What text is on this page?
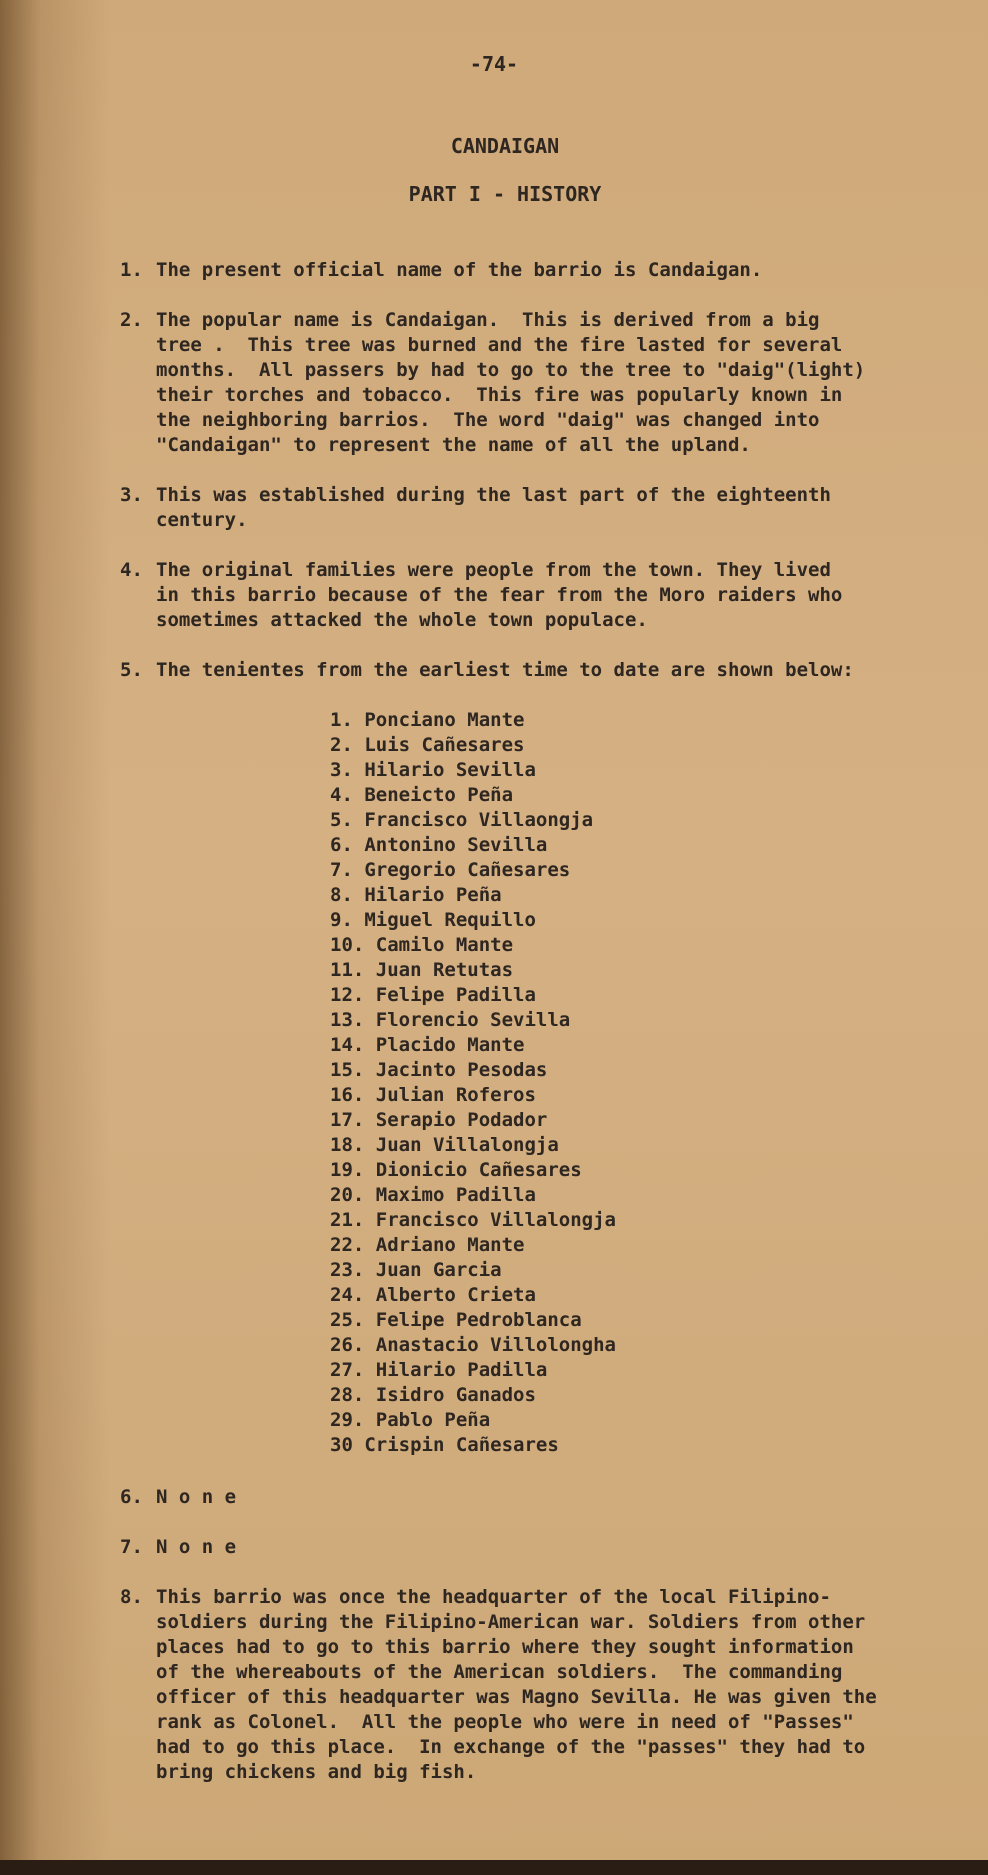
-74-
CANDAIGAN
PART I - HISTORY
1. The present official name of the barrio is Candaigan.
2. The popular name is Candaigan.  This is derived from a big
tree .  This tree was burned and the fire lasted for several
months.  All passers by had to go to the tree to "daig"(light)
their torches and tobacco.  This fire was popularly known in
the neighboring barrios.  The word "daig" was changed into
"Candaigan" to represent the name of all the upland.
3. This was established during the last part of the eighteenth
century.
4. The original families were people from the town. They lived
in this barrio because of the fear from the Moro raiders who
sometimes attacked the whole town populace.
5. The tenientes from the earliest time to date are shown below:
1. Ponciano Mante
2. Luis Cañesares
3. Hilario Sevilla
4. Beneicto Peña
5. Francisco Villaongja
6. Antonino Sevilla
7. Gregorio Cañesares
8. Hilario Peña
9. Miguel Requillo
10. Camilo Mante
11. Juan Retutas
12. Felipe Padilla
13. Florencio Sevilla
14. Placido Mante
15. Jacinto Pesodas
16. Julian Roferos
17. Serapio Podador
18. Juan Villalongja
19. Dionicio Cañesares
20. Maximo Padilla
21. Francisco Villalongja
22. Adriano Mante
23. Juan Garcia
24. Alberto Crieta
25. Felipe Pedroblanca
26. Anastacio Villolongha
27. Hilario Padilla
28. Isidro Ganados
29. Pablo Peña
30 Crispin Cañesares
6. N o n e
7. N o n e
8. This barrio was once the headquarter of the local Filipino-
soldiers during the Filipino-American war. Soldiers from other
places had to go to this barrio where they sought information
of the whereabouts of the American soldiers.  The commanding
officer of this headquarter was Magno Sevilla. He was given the
rank as Colonel.  All the people who were in need of "Passes"
had to go this place.  In exchange of the "passes" they had to
bring chickens and big fish.
